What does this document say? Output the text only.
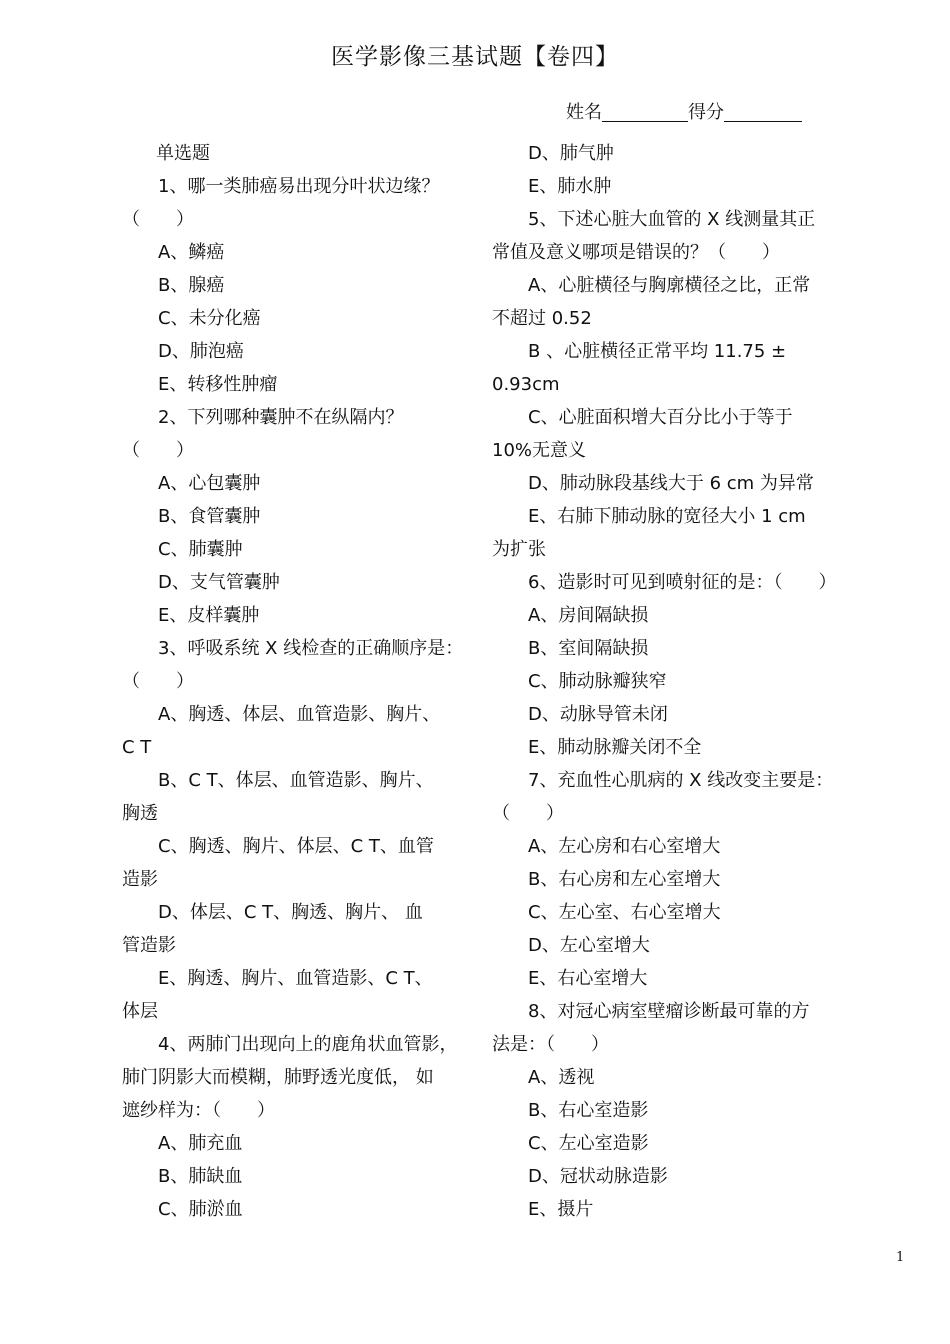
医学影像三基试题【卷四】
姓名	得分
单选题
1、哪一类肺癌易出现分叶状边缘？
（　　）
A、鳞癌
B、腺癌
C、未分化癌
D、肺泡癌
E、转移性肿瘤
2、下列哪种囊肿不在纵隔内？
（　　）
A、心包囊肿
B、食管囊肿
C、肺囊肿
D、支气管囊肿
E、皮样囊肿
3、呼吸系统 X 线检查的正确顺序是：
（　　）
A、胸透、体层、血管造影、胸片、
C T
B、C T、体层、血管造影、胸片、
胸透
C、胸透、胸片、体层、C T、血管
造影
D、体层、C T、胸透、胸片、 血
管造影
E、胸透、胸片、血管造影、C T、
体层
4、两肺门出现向上的鹿角状血管影，
肺门阴影大而模糊，肺野透光度低， 如
遮纱样为：（　　）
A、肺充血
B、肺缺血
C、肺淤血
D、肺气肿
E、肺水肿
5、下述心脏大血管的 X 线测量其正
常值及意义哪项是错误的？（　　）
A、心脏横径与胸廓横径之比，正常
不超过 0.52
B 、心脏横径正常平均 11.75 ±
0.93cm
C、心脏面积增大百分比小于等于
10%无意义
D、肺动脉段基线大于 6 cm 为异常
E、右肺下肺动脉的宽径大小 1 cm
为扩张
6、造影时可见到喷射征的是：（　　）
A、房间隔缺损
B、室间隔缺损
C、肺动脉瓣狭窄
D、动脉导管未闭
E、肺动脉瓣关闭不全
7、充血性心肌病的 X 线改变主要是：
（　　）
A、左心房和右心室增大
B、右心房和左心室增大
C、左心室、右心室增大
D、左心室增大
E、右心室增大
8、对冠心病室壁瘤诊断最可靠的方
法是：（　　）
A、透视
B、右心室造影
C、左心室造影
D、冠状动脉造影
E、摄片
1
